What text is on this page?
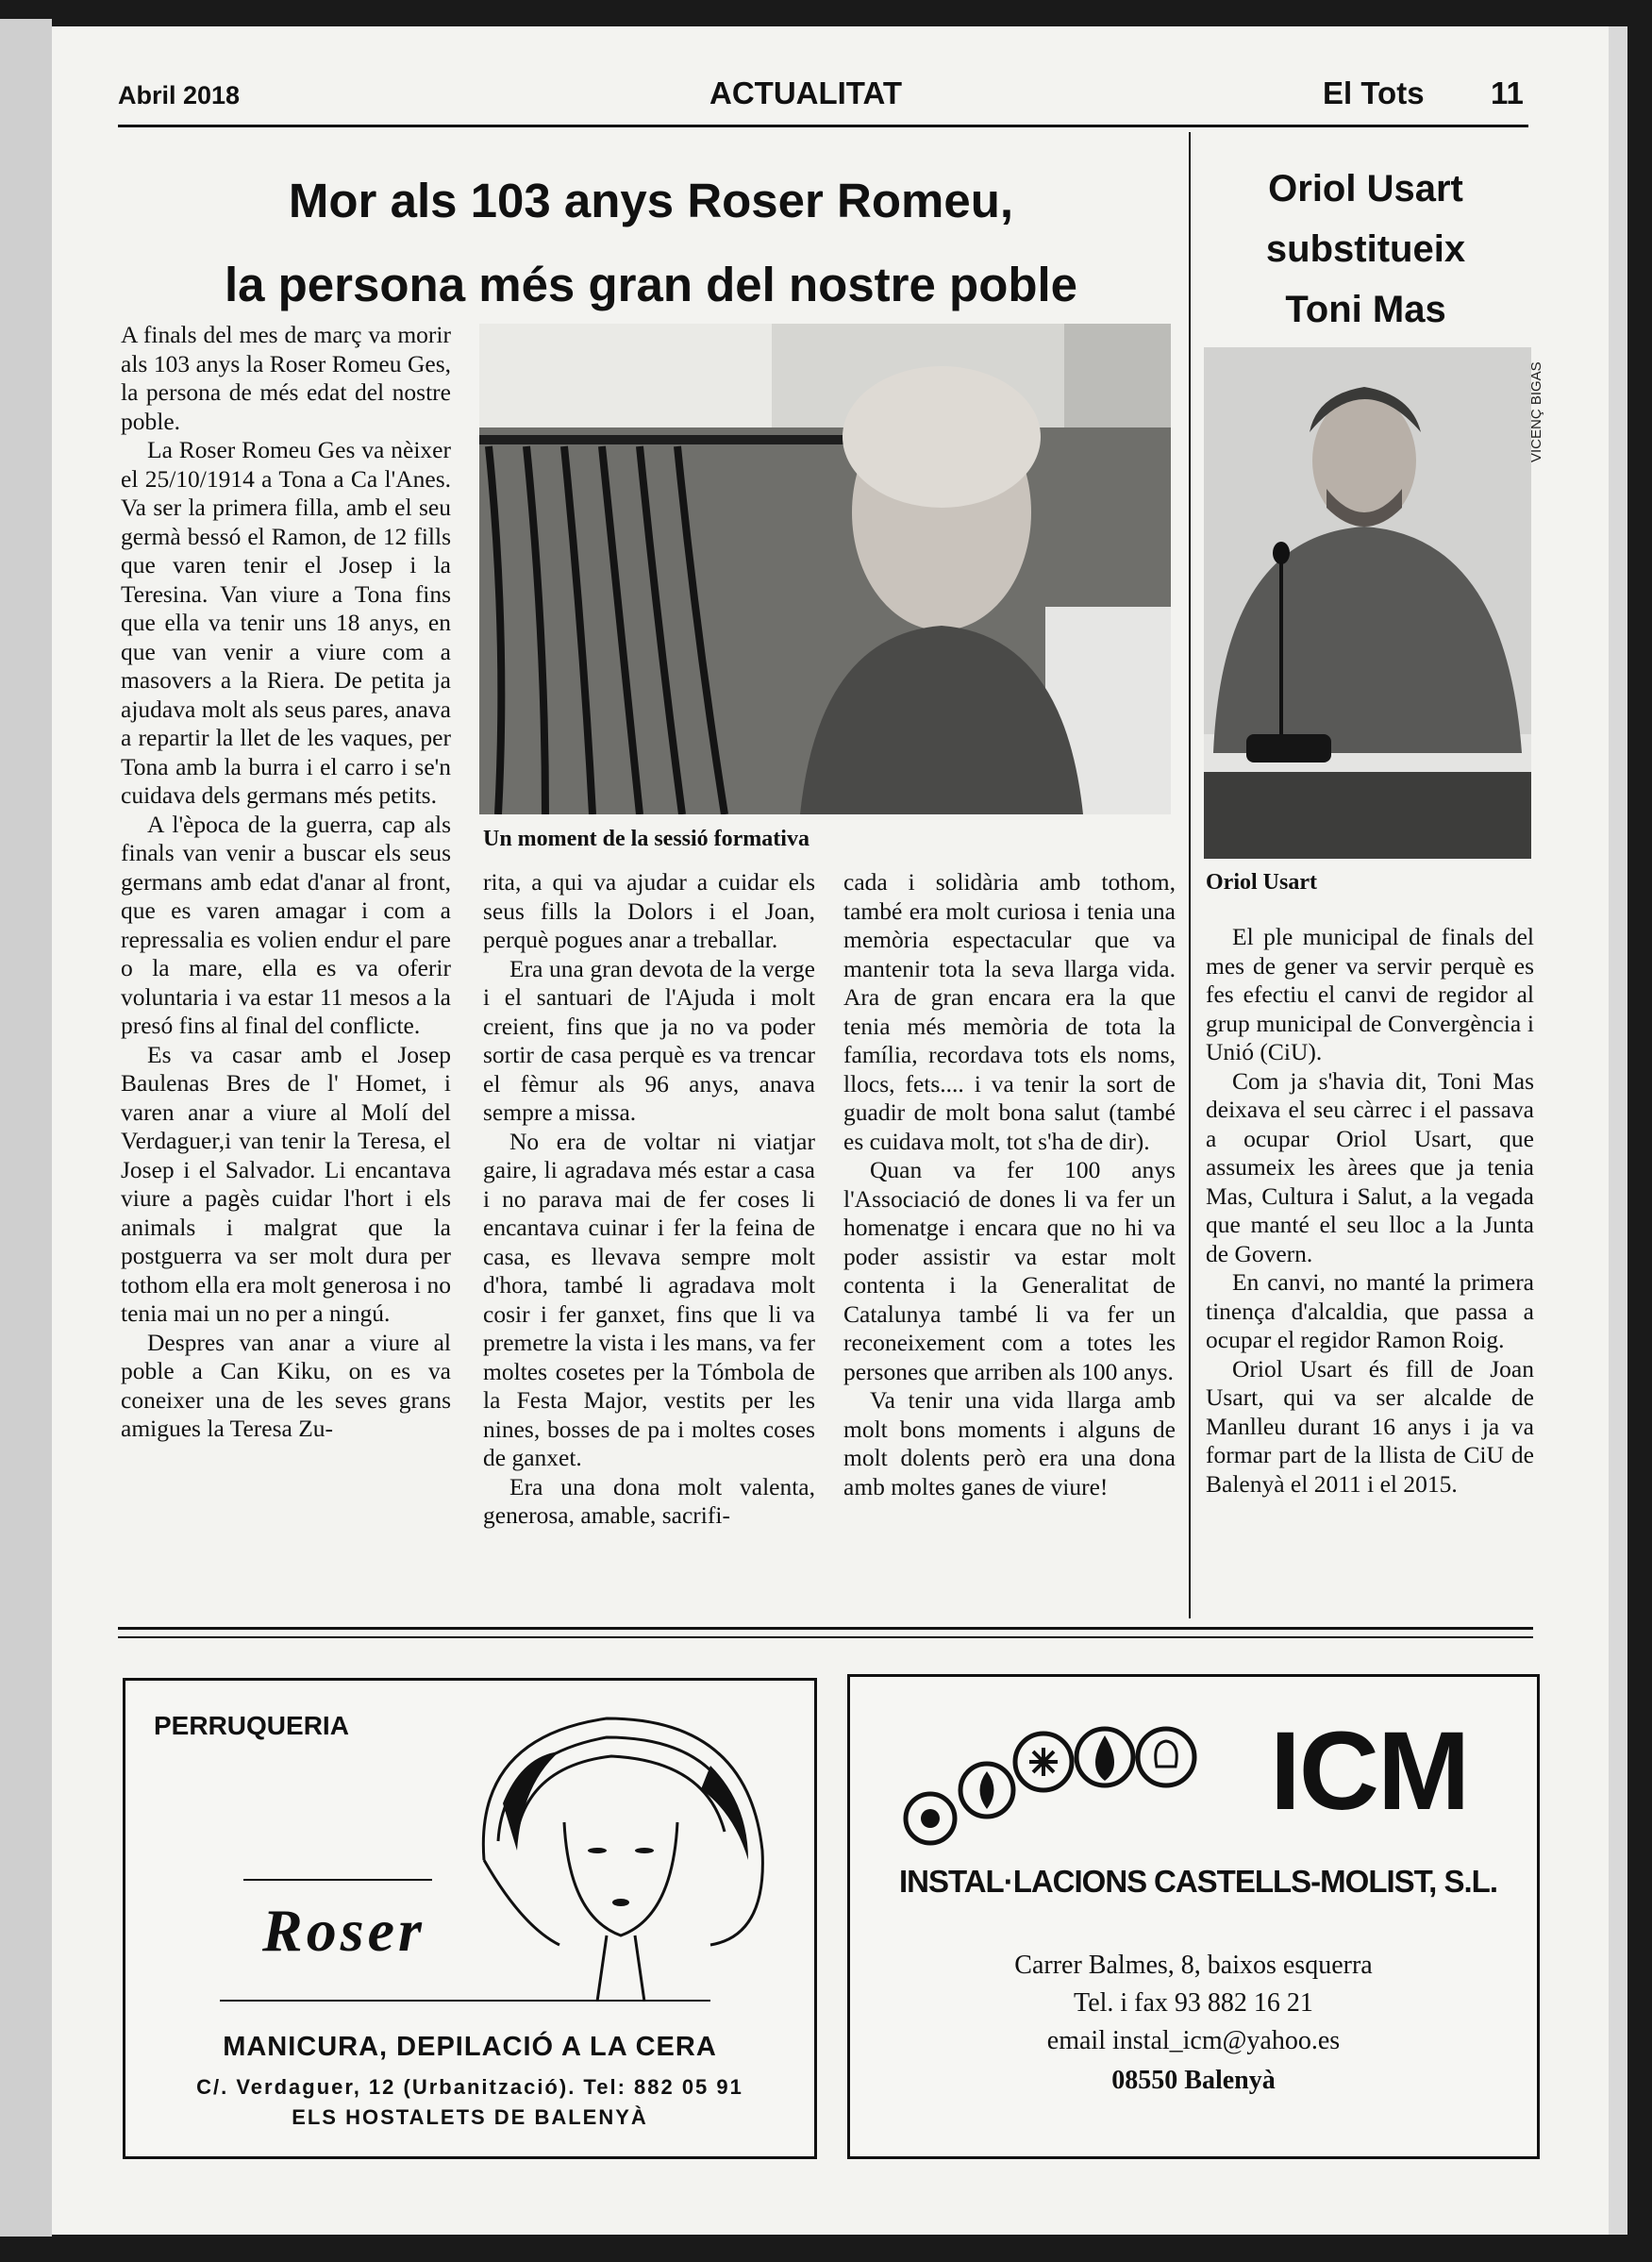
Abril 2018	ACTUALITAT	El Tots 11
Mor als 103 anys Roser Romeu,
la persona més gran del nostre poble
Un moment de la sessió formativa

A finals del mes de març va morir als 103 anys la Roser Romeu Ges, la persona de més edat del nostre poble.

La Roser Romeu Ges va nèixer el 25/10/1914 a Tona a Ca l'Anes. Va ser la primera filla, amb el seu germà bessó el Ramon, de 12 fills que varen tenir el Josep i la Teresina. Van viure a Tona fins que ella va tenir uns 18 anys, en que van venir a viure com a masovers a la Riera. De petita ja ajudava molt als seus pares, anava a repartir la llet de les vaques, per Tona amb la burra i el carro i se'n cuidava dels germans més petits.

A l'època de la guerra, cap als finals van venir a buscar els seus germans amb edat d'anar al front, que es varen amagar i com a repressalia es volien endur el pare o la mare, ella es va oferir voluntaria i va estar 11 mesos a la presó fins al final del conflicte.

Es va casar amb el Josep Baulenas Bres de l' Homet, i varen anar a viure al Molí del Verdaguer,i van tenir la Teresa, el Josep i el Salvador. Li encantava viure a pagès cuidar l'hort i els animals i malgrat que la postguerra va ser molt dura per tothom ella era molt generosa i no tenia mai un no per a ningú.

Despres van anar a viure al poble a Can Kiku, on es va coneixer una de les seves grans amigues la Teresa Zu-

rita, a qui va ajudar a cuidar els seus fills la Dolors i el Joan, perquè pogues anar a treballar.

Era una gran devota de la verge i el santuari de l'Ajuda i molt creient, fins que ja no va poder sortir de casa perquè es va trencar el fèmur als 96 anys, anava sempre a missa.

No era de voltar ni viatjar gaire, li agradava més estar a casa i no parava mai de fer coses li encantava cuinar i fer la feina de casa, es llevava sempre molt d'hora, també li agradava molt cosir i fer ganxet, fins que li va premetre la vista i les mans, va fer moltes cosetes per la Tómbola de la Festa Major, vestits per les nines, bosses de pa i moltes coses de ganxet.

Era una dona molt valenta, generosa, amable, sacrifi-

cada i solidària amb tothom, també era molt curiosa i tenia una memòria espectacular que va mantenir tota la seva llarga vida. Ara de gran encara era la que tenia més memòria de tota la família, recordava tots els noms, llocs, fets.... i va tenir la sort de guadir de molt bona salut (també es cuidava molt, tot s'ha de dir).

Quan va fer 100 anys l'Associació de dones li va fer un homenatge i encara que no hi va poder assistir va estar molt contenta i la Generalitat de Catalunya també li va fer un reconeixement com a totes les persones que arriben als 100 anys.

Va tenir una vida llarga amb molt bons moments i alguns de molt dolents però era una dona amb moltes ganes de viure!

Oriol Usart
substitueix
Toni Mas
VICENÇ BIGAS
Oriol Usart

El ple municipal de finals del mes de gener va servir perquè es fes efectiu el canvi de regidor al grup municipal de Convergència i Unió (CiU).

Com ja s'havia dit, Toni Mas deixava el seu càrrec i el passava a ocupar Oriol Usart, que assumeix les àrees que ja tenia Mas, Cultura i Salut, a la vegada que manté el seu lloc a la Junta de Govern.

En canvi, no manté la primera tinença d'alcaldia, que passa a ocupar el regidor Ramon Roig.

Oriol Usart és fill de Joan Usart, qui va ser alcalde de Manlleu durant 16 anys i ja va formar part de la llista de CiU de Balenyà el 2011 i el 2015.

PERRUQUERIA
Roser
MANICURA, DEPILACIÓ A LA CERA
C/. Verdaguer, 12 (Urbanització). Tel: 882 05 91
ELS HOSTALETS DE BALENYÀ
ICM
INSTAL·LACIONS CASTELLS-MOLIST, S.L.
Carrer Balmes, 8, baixos esquerra
Tel. i fax 93 882 16 21
email instal_icm@yahoo.es
08550 Balenyà
